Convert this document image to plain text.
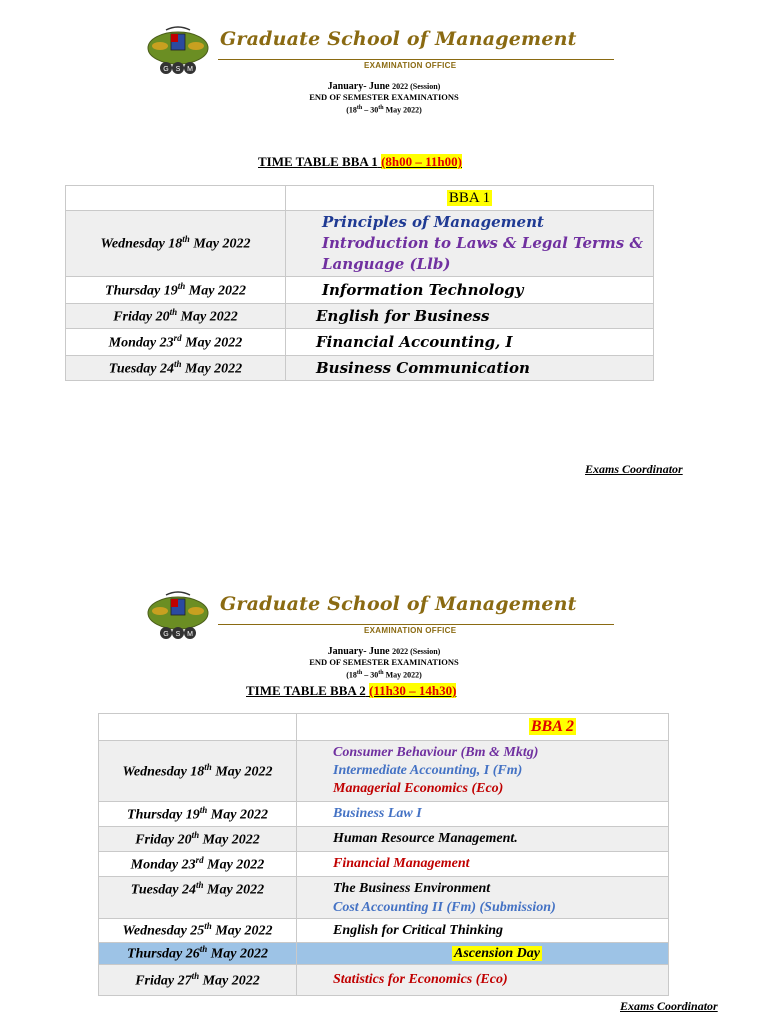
G S M
Graduate School of Management
EXAMINATION OFFICE
January- June 2022 (Session)
END OF SEMESTER EXAMINATIONS
(18th – 30th May 2022)
TIME TABLE BBA 1 (8h00 – 11h00)
	BBA 1
Wednesday 18th May 2022	Principles of Management
Introduction to Laws & Legal Terms & Language (Llb)

Thursday 19th May 2022	Information Technology
Friday 20th May 2022	English for Business
Monday 23rd May 2022	Financial Accounting, I
Tuesday 24th May 2022	Business Communication
Exams Coordinator
G S M
Graduate School of Management
EXAMINATION OFFICE
January- June 2022 (Session)
END OF SEMESTER EXAMINATIONS
(18th – 30th May 2022)
TIME TABLE BBA 2 (11h30 – 14h30)
	BBA 2
Wednesday 18th May 2022	Consumer Behaviour (Bm & Mktg)
Intermediate Accounting, I (Fm)
Managerial Economics (Eco)

Thursday 19th May 2022	Business Law I
Friday 20th May 2022	Human Resource Management.
Monday 23rd May 2022	Financial Management
Tuesday 24th May 2022	The Business Environment
Cost Accounting II (Fm) (Submission)

Wednesday 25th May 2022	English for Critical Thinking
Thursday 26th May 2022	Ascension Day
Friday 27th May 2022	Statistics for Economics (Eco)
Exams Coordinator
